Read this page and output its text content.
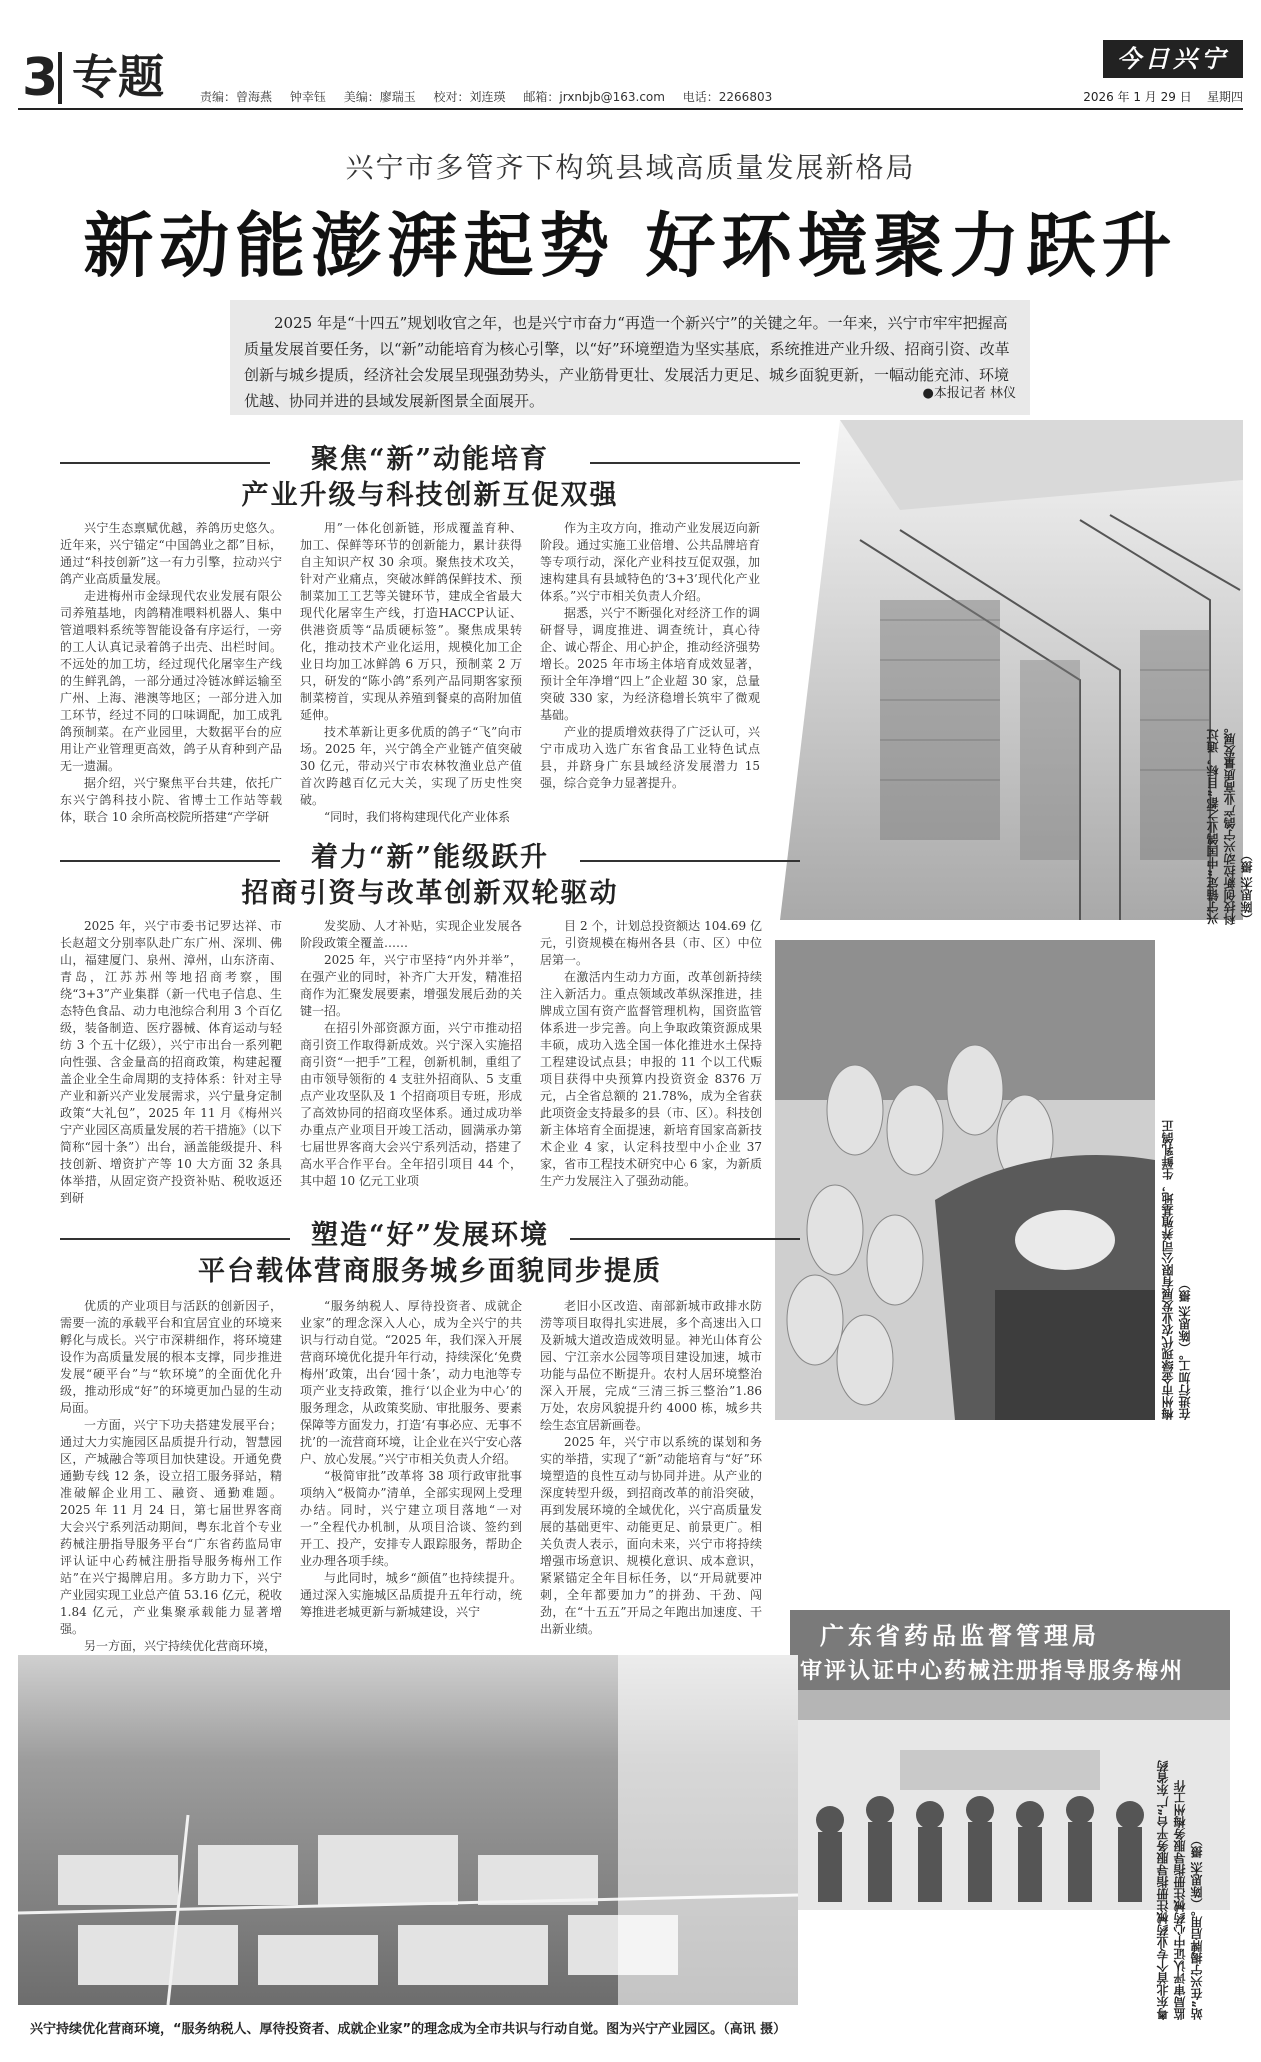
3 专题	责编：曾海燕 钟幸钰 美编：廖瑞玉 校对：刘连瑛 邮箱：jrxnbjb@163.com 电话：2266803
今日兴宁
2026 年 1 月 29 日 星期四
兴宁市多管齐下构筑县域高质量发展新格局
新动能澎湃起势 好环境聚力跃升
2025 年是“十四五”规划收官之年，也是兴宁市奋力“再造一个新兴宁”的关键之年。一年来，兴宁市牢牢把握高质量发展首要任务，以“新”动能培育为核心引擎，以“好”环境塑造为坚实基底，系统推进产业升级、招商引资、改革创新与城乡提质，经济社会发展呈现强劲势头，产业筋骨更壮、发展活力更足、城乡面貌更新，一幅动能充沛、环境优越、协同并进的县域发展新图景全面展开。	●本报记者 林仪
聚焦“新”动能培育
产业升级与科技创新互促双强

兴宁生态禀赋优越，养鸽历史悠久。近年来，兴宁锚定“中国鸽业之都”目标，通过“科技创新”这一有力引擎，拉动兴宁鸽产业高质量发展。

走进梅州市金绿现代农业发展有限公司养殖基地，肉鸽精准喂料机器人、集中管道喂料系统等智能设备有序运行，一旁的工人认真记录着鸽子出壳、出栏时间。不远处的加工坊，经过现代化屠宰生产线的生鲜乳鸽，一部分通过冷链冰鲜运输至广州、上海、港澳等地区；一部分进入加工环节，经过不同的口味调配，加工成乳鸽预制菜。在产业园里，大数据平台的应用让产业管理更高效，鸽子从育种到产品无一遗漏。

据介绍，兴宁聚焦平台共建，依托广东兴宁鸽科技小院、省博士工作站等载体，联合 10 余所高校院所搭建“产学研

用”一体化创新链，形成覆盖育种、加工、保鲜等环节的创新能力，累计获得自主知识产权 30 余项。聚焦技术攻关，针对产业痛点，突破冰鲜鸽保鲜技术、预制菜加工工艺等关键环节，建成全省最大现代化屠宰生产线，打造HACCP认证、供港资质等“品质硬标签”。聚焦成果转化，推动技术产业化运用，规模化加工企业日均加工冰鲜鸽 6 万只，预制菜 2 万只，研发的“陈小鸽”系列产品同期客家预制菜榜首，实现从养殖到餐桌的高附加值延伸。

技术革新让更多优质的鸽子“飞”向市场。2025 年，兴宁鸽全产业链产值突破 30 亿元，带动兴宁市农林牧渔业总产值首次跨越百亿元大关，实现了历史性突破。

“同时，我们将构建现代化产业体系

作为主攻方向，推动产业发展迈向新阶段。通过实施工业倍增、公共品牌培育等专项行动，深化产业科技互促双强，加速构建具有县域特色的‘3+3’现代化产业体系。”兴宁市相关负责人介绍。

据悉，兴宁不断强化对经济工作的调研督导，调度推进、调查统计，真心待企、诚心帮企、用心护企，推动经济强势增长。2025 年市场主体培育成效显著，预计全年净增“四上”企业超 30 家，总量突破 330 家，为经济稳增长筑牢了微观基础。

产业的提质增效获得了广泛认可，兴宁市成功入选广东省食品工业特色试点县，并跻身广东县域经济发展潜力 15 强，综合竞争力显著提升。	兴宁锚定“中国鸽业之都”目标，通过科技创新拉动兴宁鸽产业高质量发展。（陈思杰 摄）
着力“新”能级跃升
招商引资与改革创新双轮驱动

2025 年，兴宁市委书记罗达祥、市长赵超文分别率队赴广东广州、深圳、佛山，福建厦门、泉州、漳州，山东济南、青岛，江苏苏州等地招商考察，围绕“3+3”产业集群（新一代电子信息、生态特色食品、动力电池综合利用 3 个百亿级，装备制造、医疗器械、体育运动与轻纺 3 个五十亿级），兴宁市出台一系列靶向性强、含金量高的招商政策，构建起覆盖企业全生命周期的支持体系：针对主导产业和新兴产业发展需求，兴宁量身定制政策“大礼包”，2025 年 11 月《梅州兴宁产业园区高质量发展的若干措施》（以下简称“园十条”）出台，涵盖能级提升、科技创新、增资扩产等 10 大方面 32 条具体举措，从固定资产投资补贴、税收返还到研

发奖励、人才补贴，实现企业发展各阶段政策全覆盖……

2025 年，兴宁市坚持“内外并举”，在强产业的同时，补齐广大开发，精准招商作为汇聚发展要素，增强发展后劲的关键一招。

在招引外部资源方面，兴宁市推动招商引资工作取得新成效。兴宁深入实施招商引资“一把手”工程，创新机制，重组了由市领导领衔的 4 支驻外招商队、5 支重点产业攻坚队及 1 个招商项目专班，形成了高效协同的招商攻坚体系。通过成功举办重点产业项目开竣工活动，圆满承办第七届世界客商大会兴宁系列活动，搭建了高水平合作平台。全年招引项目 44 个，其中超 10 亿元工业项

目 2 个，计划总投资额达 104.69 亿元，引资规模在梅州各县（市、区）中位居第一。

在激活内生动力方面，改革创新持续注入新活力。重点领域改革纵深推进，挂牌成立国有资产监督管理机构，国资监管体系进一步完善。向上争取政策资源成果丰硕，成功入选全国一体化推进水土保持工程建设试点县；申报的 11 个以工代赈项目获得中央预算内投资资金 8376 万元，占全省总额的 21.78%，成为全省获此项资金支持最多的县（市、区）。科技创新主体培育全面提速，新培育国家高新技术企业 4 家，认定科技型中小企业 37 家，省市工程技术研究中心 6 家，为新质生产力发展注入了强劲动能。	梅州市金绿现代农业发展有限公司养殖基地，生鲜乳鸽正在进行加工。（陈思杰 摄）
塑造“好”发展环境
平台载体营商服务城乡面貌同步提质

优质的产业项目与活跃的创新因子，需要一流的承载平台和宜居宜业的环境来孵化与成长。兴宁市深耕细作，将环境建设作为高质量发展的根本支撑，同步推进发展“硬平台”与“软环境”的全面优化升级，推动形成“好”的环境更加凸显的生动局面。

一方面，兴宁下功夫搭建发展平台；通过大力实施园区品质提升行动，智慧园区，产城融合等项目加快建设。开通免费通勤专线 12 条，设立招工服务驿站，精准破解企业用工、融资、通勤难题。2025 年 11 月 24 日，第七届世界客商大会兴宁系列活动期间，粤东北首个专业药械注册指导服务平台“广东省药监局审评认证中心药械注册指导服务梅州工作站”在兴宁揭牌启用。多方助力下，兴宁产业园实现工业总产值 53.16 亿元，税收 1.84 亿元，产业集聚承载能力显著增强。

另一方面，兴宁持续优化营商环境，

“服务纳税人、厚待投资者、成就企业家”的理念深入人心，成为全兴宁的共识与行动自觉。“2025 年，我们深入开展营商环境优化提升年行动，持续深化‘免费梅州’政策，出台‘园十条’，动力电池等专项产业支持政策，推行‘以企业为中心’的服务理念，从政策奖励、审批服务、要素保障等方面发力，打造‘有事必应、无事不扰’的一流营商环境，让企业在兴宁安心落户、放心发展。”兴宁市相关负责人介绍。

“极简审批”改革将 38 项行政审批事项纳入“极简办”清单，全部实现网上受理办结。同时，兴宁建立项目落地“一对一”全程代办机制，从项目洽谈、签约到开工、投产，安排专人跟踪服务，帮助企业办理各项手续。

与此同时，城乡“颜值”也持续提升。通过深入实施城区品质提升五年行动，统筹推进老城更新与新城建设，兴宁

老旧小区改造、南部新城市政排水防涝等项目取得扎实进展，多个高速出入口及新城大道改造成效明显。神光山体育公园、宁江亲水公园等项目建设加速，城市功能与品位不断提升。农村人居环境整治深入开展，完成“三清三拆三整治”1.86 万处，农房风貌提升约 4000 栋，城乡共绘生态宜居新画卷。

2025 年，兴宁市以系统的谋划和务实的举措，实现了“新”动能培育与“好”环境塑造的良性互动与协同并进。从产业的深度转型升级，到招商改革的前沿突破，再到发展环境的全域优化，兴宁高质量发展的基础更牢、动能更足、前景更广。相关负责人表示，面向未来，兴宁市将持续增强市场意识、规模化意识、成本意识，紧紧锚定全年目标任务，以“开局就要冲刺，全年都要加力”的拼劲、干劲、闯劲，在“十五五”开局之年跑出加速度、干出新业绩。	广东省药品监督管理局
审评认证中心药械注册指导服务梅州
粤东北首个专业药械注册指导服务平台“广东省药监局审评认证中心药械注册指导服务梅州工作站”在兴宁揭牌启用。（陈思杰 摄）
兴宁持续优化营商环境，“服务纳税人、厚待投资者、成就企业家”的理念成为全市共识与行动自觉。图为兴宁产业园区。（高讯 摄）
